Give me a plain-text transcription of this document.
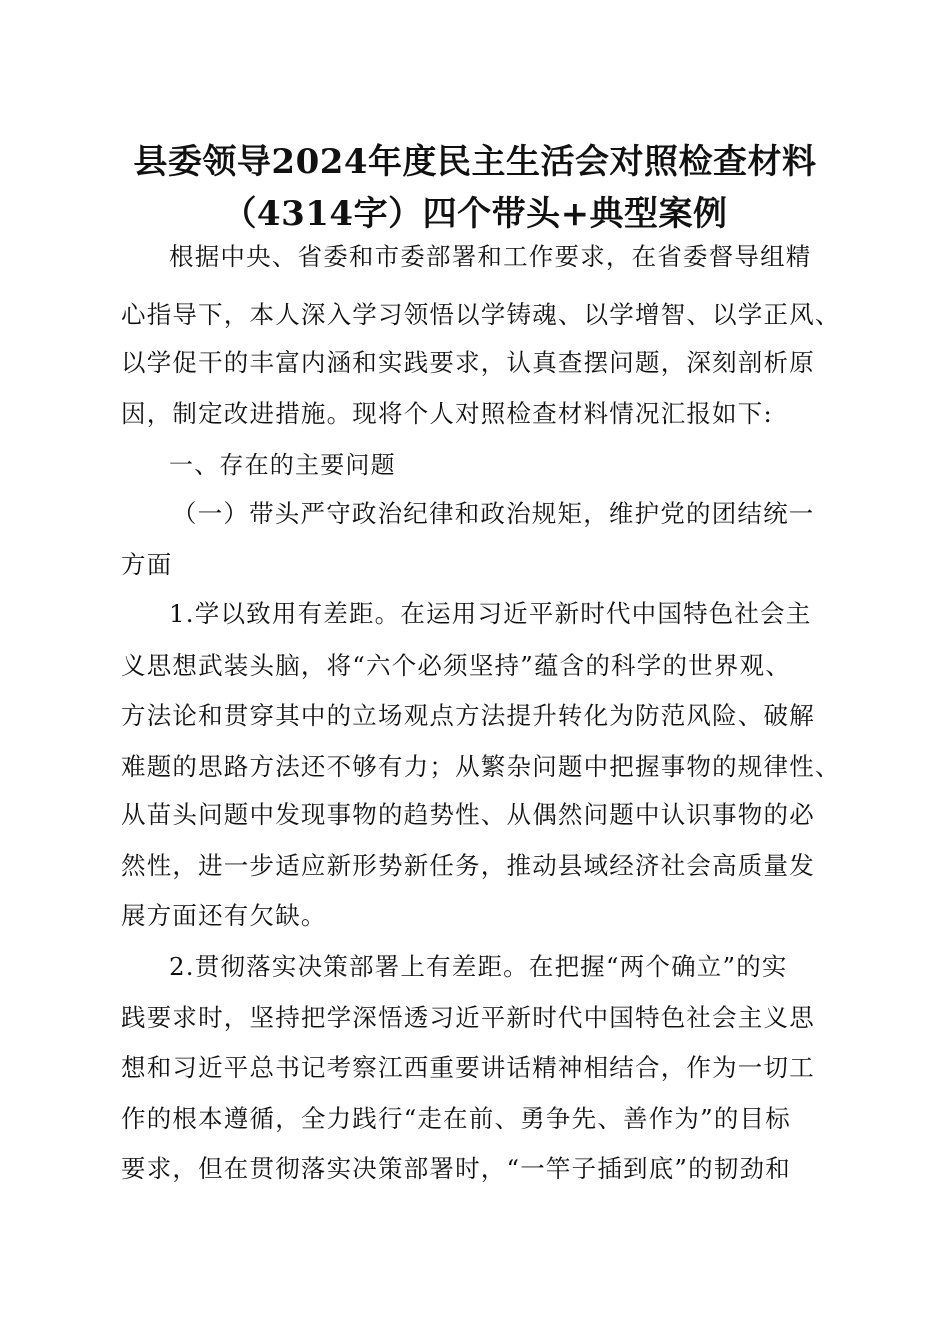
县委领导2024年度民主生活会对照检查材料
（4314字）四个带头+典型案例
根据中央、省委和市委部署和工作要求，在省委督导组精
心指导下，本人深入学习领悟以学铸魂、以学增智、以学正风、
以学促干的丰富内涵和实践要求，认真查摆问题，深刻剖析原
因，制定改进措施。现将个人对照检查材料情况汇报如下:
一、存在的主要问题
（一）带头严守政治纪律和政治规矩，维护党的团结统一
方面
1.学以致用有差距。在运用习近平新时代中国特色社会主
义思想武装头脑，将“六个必须坚持”蕴含的科学的世界观、
方法论和贯穿其中的立场观点方法提升转化为防范风险、破解
难题的思路方法还不够有力；从繁杂问题中把握事物的规律性、
从苗头问题中发现事物的趋势性、从偶然问题中认识事物的必
然性，进一步适应新形势新任务，推动县域经济社会高质量发
展方面还有欠缺。
2.贯彻落实决策部署上有差距。在把握“两个确立”的实
践要求时，坚持把学深悟透习近平新时代中国特色社会主义思
想和习近平总书记考察江西重要讲话精神相结合，作为一切工
作的根本遵循，全力践行“走在前、勇争先、善作为”的目标
要求，但在贯彻落实决策部署时，“一竿子插到底”的韧劲和
